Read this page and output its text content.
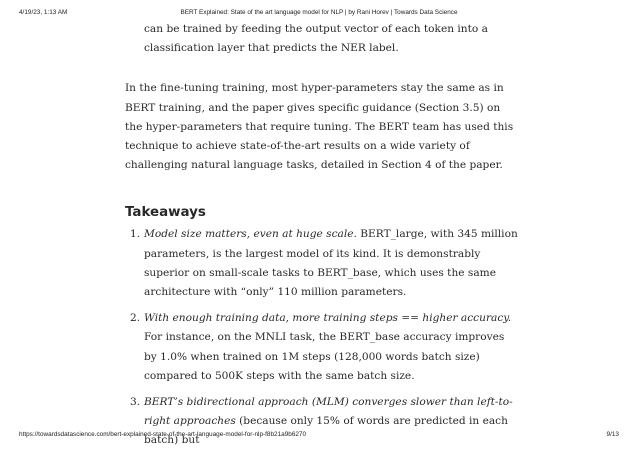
4/19/23, 1:13 AM	BERT Explained: State of the art language model for NLP | by Rani Horev | Towards Data Science

can be trained by feeding the output vector of each token into a classification layer that predicts the NER label.

In the fine-tuning training, most hyper-parameters stay the same as in BERT training, and the paper gives specific guidance (Section 3.5) on the hyper-parameters that require tuning. The BERT team has used this technique to achieve state-of-the-art results on a wide variety of challenging natural language tasks, detailed in Section 4 of the paper.

Takeaways
1. Model size matters, even at huge scale. BERT_large, with 345 million parameters, is the largest model of its kind. It is demonstrably superior on small-scale tasks to BERT_base, which uses the same architecture with “only” 110 million parameters.
2. With enough training data, more training steps == higher accuracy. For instance, on the MNLI task, the BERT_base accuracy improves by 1.0% when trained on 1M steps (128,000 words batch size) compared to 500K steps with the same batch size.
3. BERT’s bidirectional approach (MLM) converges slower than left-to-right approaches (because only 15% of words are predicted in each batch) but
https://towardsdatascience.com/bert-explained-state-of-the-art-language-model-for-nlp-f8b21a9b6270	9/13
